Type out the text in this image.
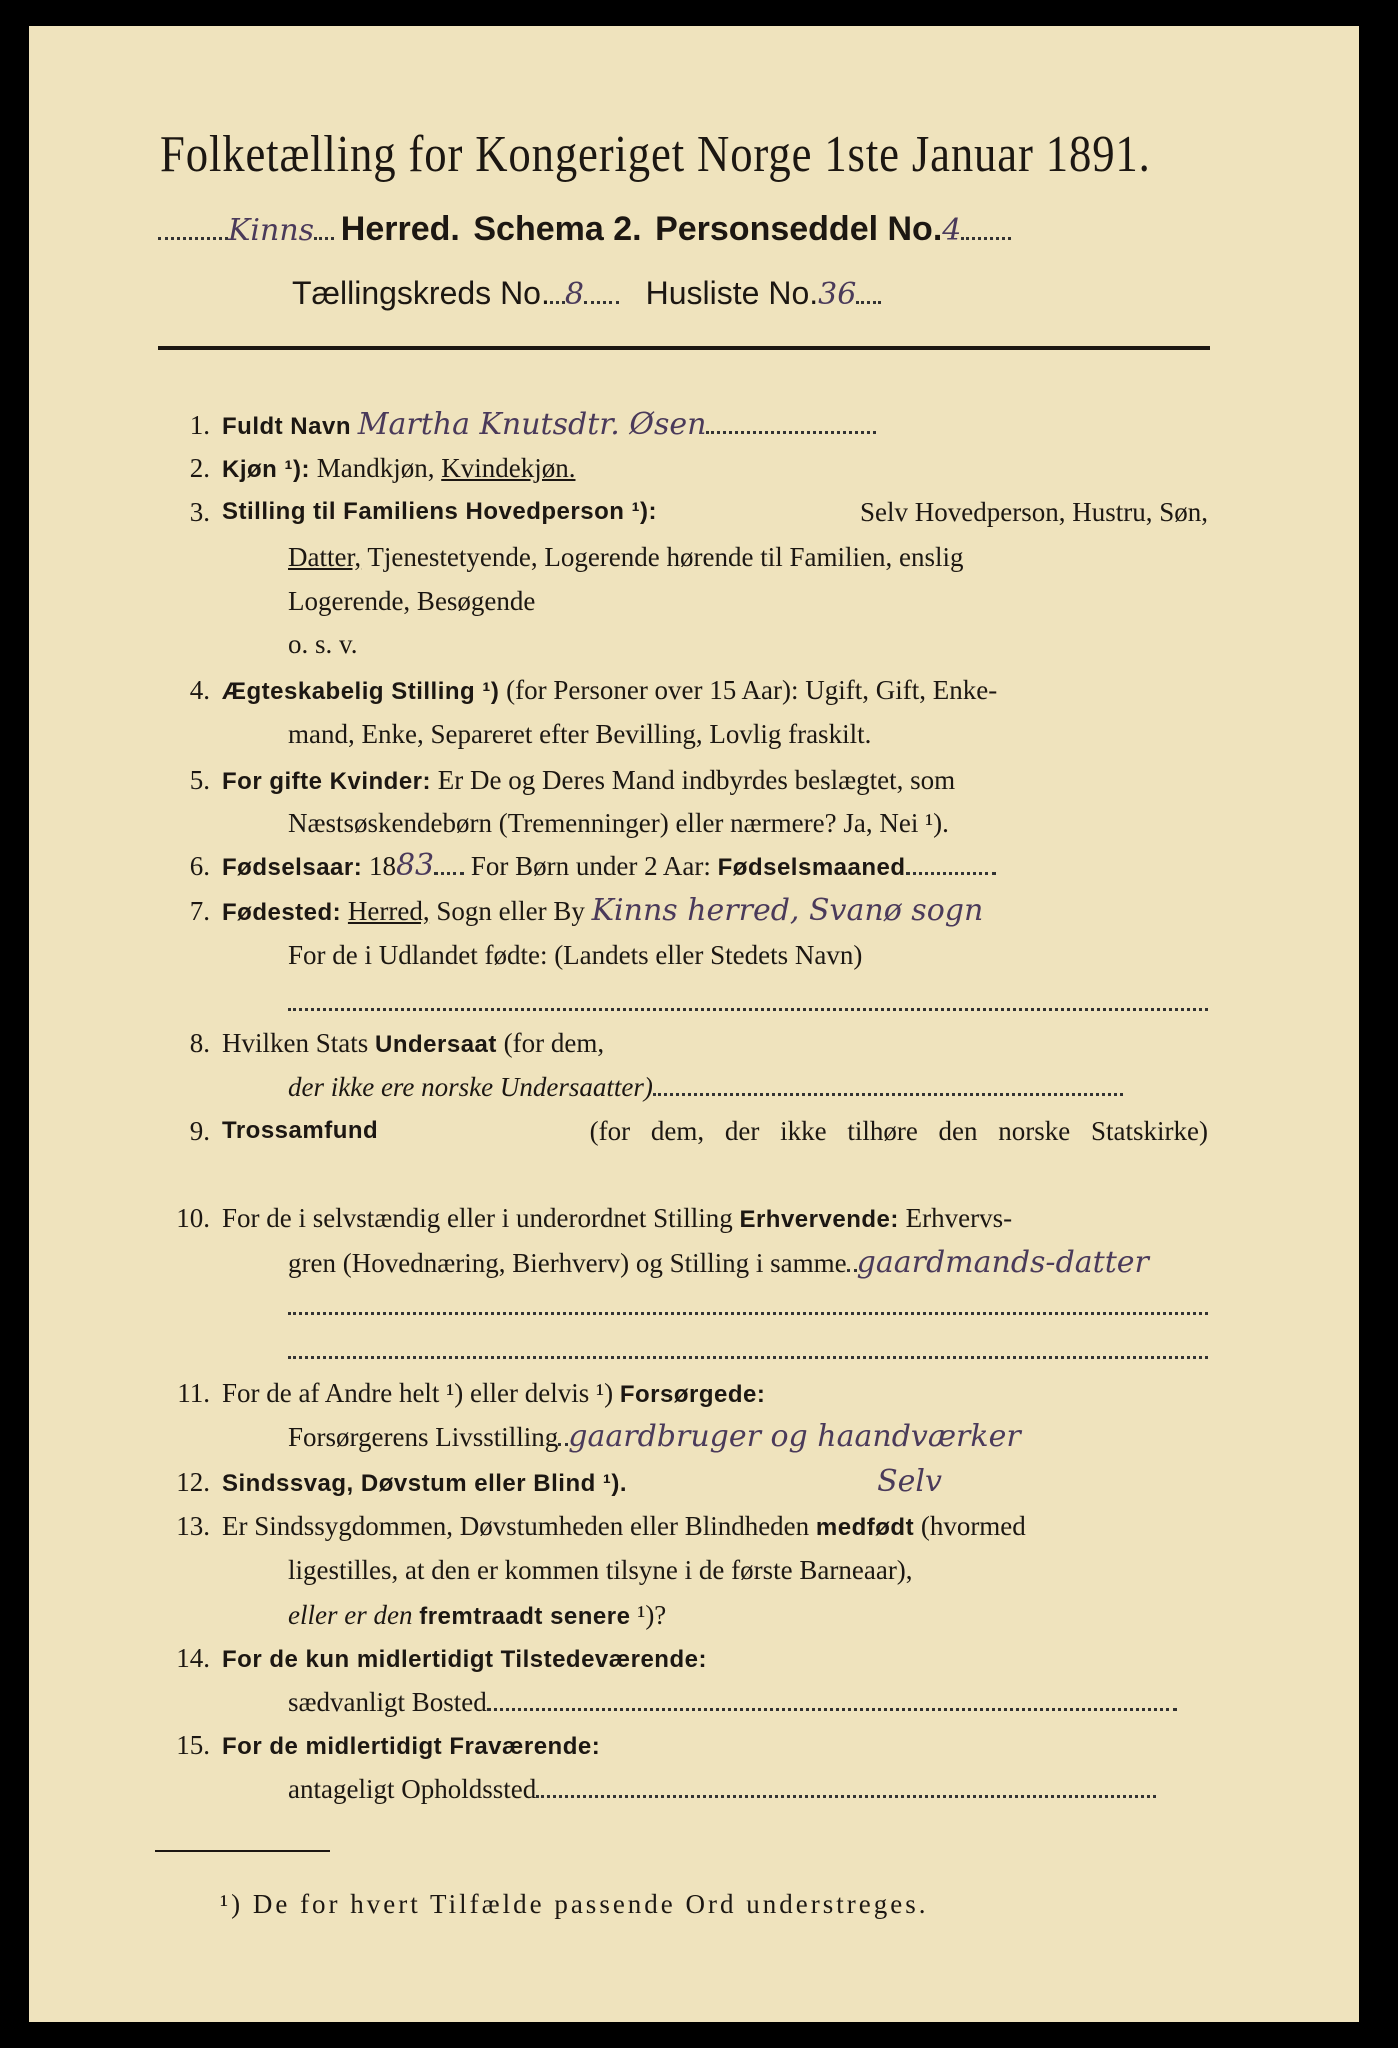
Folketælling for Kongeriget Norge 1ste Januar 1891.
Kinns Herred. Schema 2. Personseddel No.4
Tællingskreds No. 8 Husliste No.36
1. Fuldt Navn Martha Knutsdtr. Øsen
2. Kjøn ¹): Mandkjøn, Kvindekjøn.
3. Stilling til Familiens Hovedperson ¹):	Selv Hovedperson, Hustru, Søn,
Datter, Tjenestetyende, Logerende hørende til Familien, enslig
Logerende, Besøgende
o. s. v.
4. Ægteskabelig Stilling ¹) (for Personer over 15 Aar): Ugift, Gift, Enke-
mand, Enke, Separeret efter Bevilling, Lovlig fraskilt.
5. For gifte Kvinder: Er De og Deres Mand indbyrdes beslægtet, som
Næstsøskendebørn (Tremenninger) eller nærmere? Ja, Nei ¹).
6. Fødselsaar: 1883 For Børn under 2 Aar: Fødselsmaaned
7. Fødested: Herred, Sogn eller By Kinns herred, Svanø sogn
For de i Udlandet fødte: (Landets eller Stedets Navn)
8. Hvilken Stats Undersaat (for dem,
der ikke ere norske Undersaatter)
9. Trossamfund	(for dem, der ikke tilhøre den norske Statskirke)
10. For de i selvstændig eller i underordnet Stilling Erhvervende: Erhvervs-
gren (Hovednæring, Bierhverv) og Stilling i samme gaardmands-datter
11. For de af Andre helt ¹) eller delvis ¹) Forsørgede:
Forsørgerens Livsstilling gaardbruger og haandværker
12. Sindssvag, Døvstum eller Blind ¹).	Selv
13. Er Sindssygdommen, Døvstumheden eller Blindheden medfødt (hvormed
ligestilles, at den er kommen tilsyne i de første Barneaar),
eller er den fremtraadt senere ¹)?
14. For de kun midlertidigt Tilstedeværende:
sædvanligt Bosted
15. For de midlertidigt Fraværende:
antageligt Opholdssted
¹) De for hvert Tilfælde passende Ord understreges.
